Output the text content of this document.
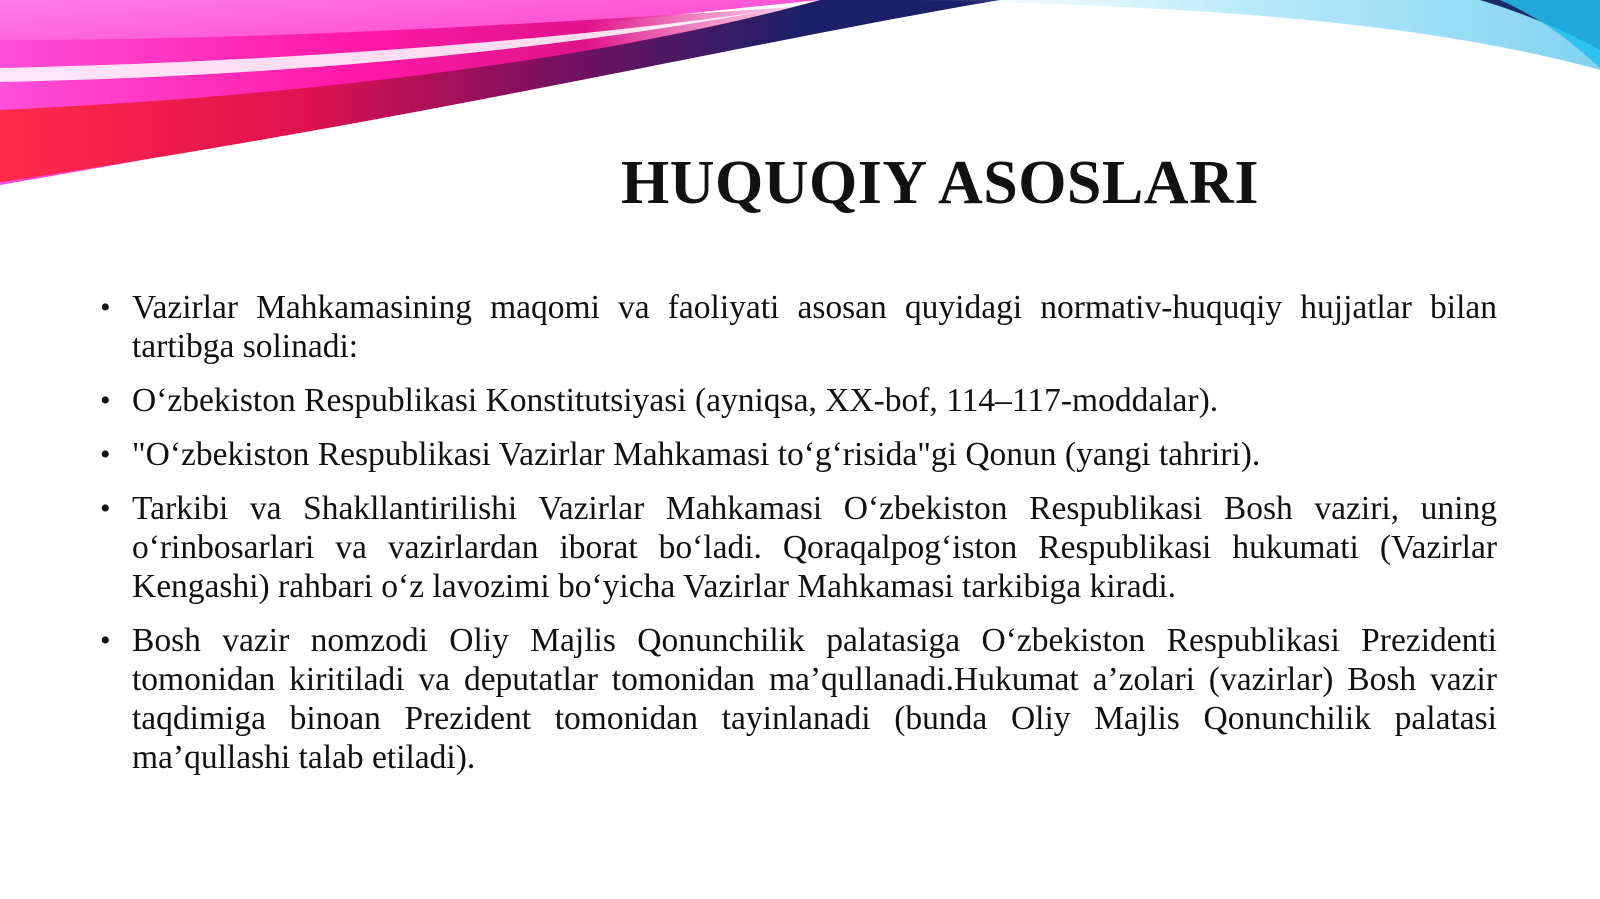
HUQUQIY ASOSLARI
• Vazirlar Mahkamasining maqomi va faoliyati asosan quyidagi normativ-huquqiy hujjatlar bilan tartibga solinadi:
• O‘zbekiston Respublikasi Konstitutsiyasi (ayniqsa, XX-bof, 114–117-moddalar).
• "O‘zbekiston Respublikasi Vazirlar Mahkamasi to‘g‘risida"gi Qonun (yangi tahriri).
• Tarkibi va Shakllantirilishi Vazirlar Mahkamasi O‘zbekiston Respublikasi Bosh vaziri, uning o‘rinbosarlari va vazirlardan iborat bo‘ladi. Qoraqalpog‘iston Respublikasi hukumati (Vazirlar Kengashi) rahbari o‘z lavozimi bo‘yicha Vazirlar Mahkamasi tarkibiga kiradi.
• Bosh vazir nomzodi Oliy Majlis Qonunchilik palatasiga O‘zbekiston Respublikasi Prezidenti tomonidan kiritiladi va deputatlar tomonidan ma’qullanadi.Hukumat a’zolari (vazirlar) Bosh vazir taqdimiga binoan Prezident tomonidan tayinlanadi (bunda Oliy Majlis Qonunchilik palatasi ma’qullashi talab etiladi).
